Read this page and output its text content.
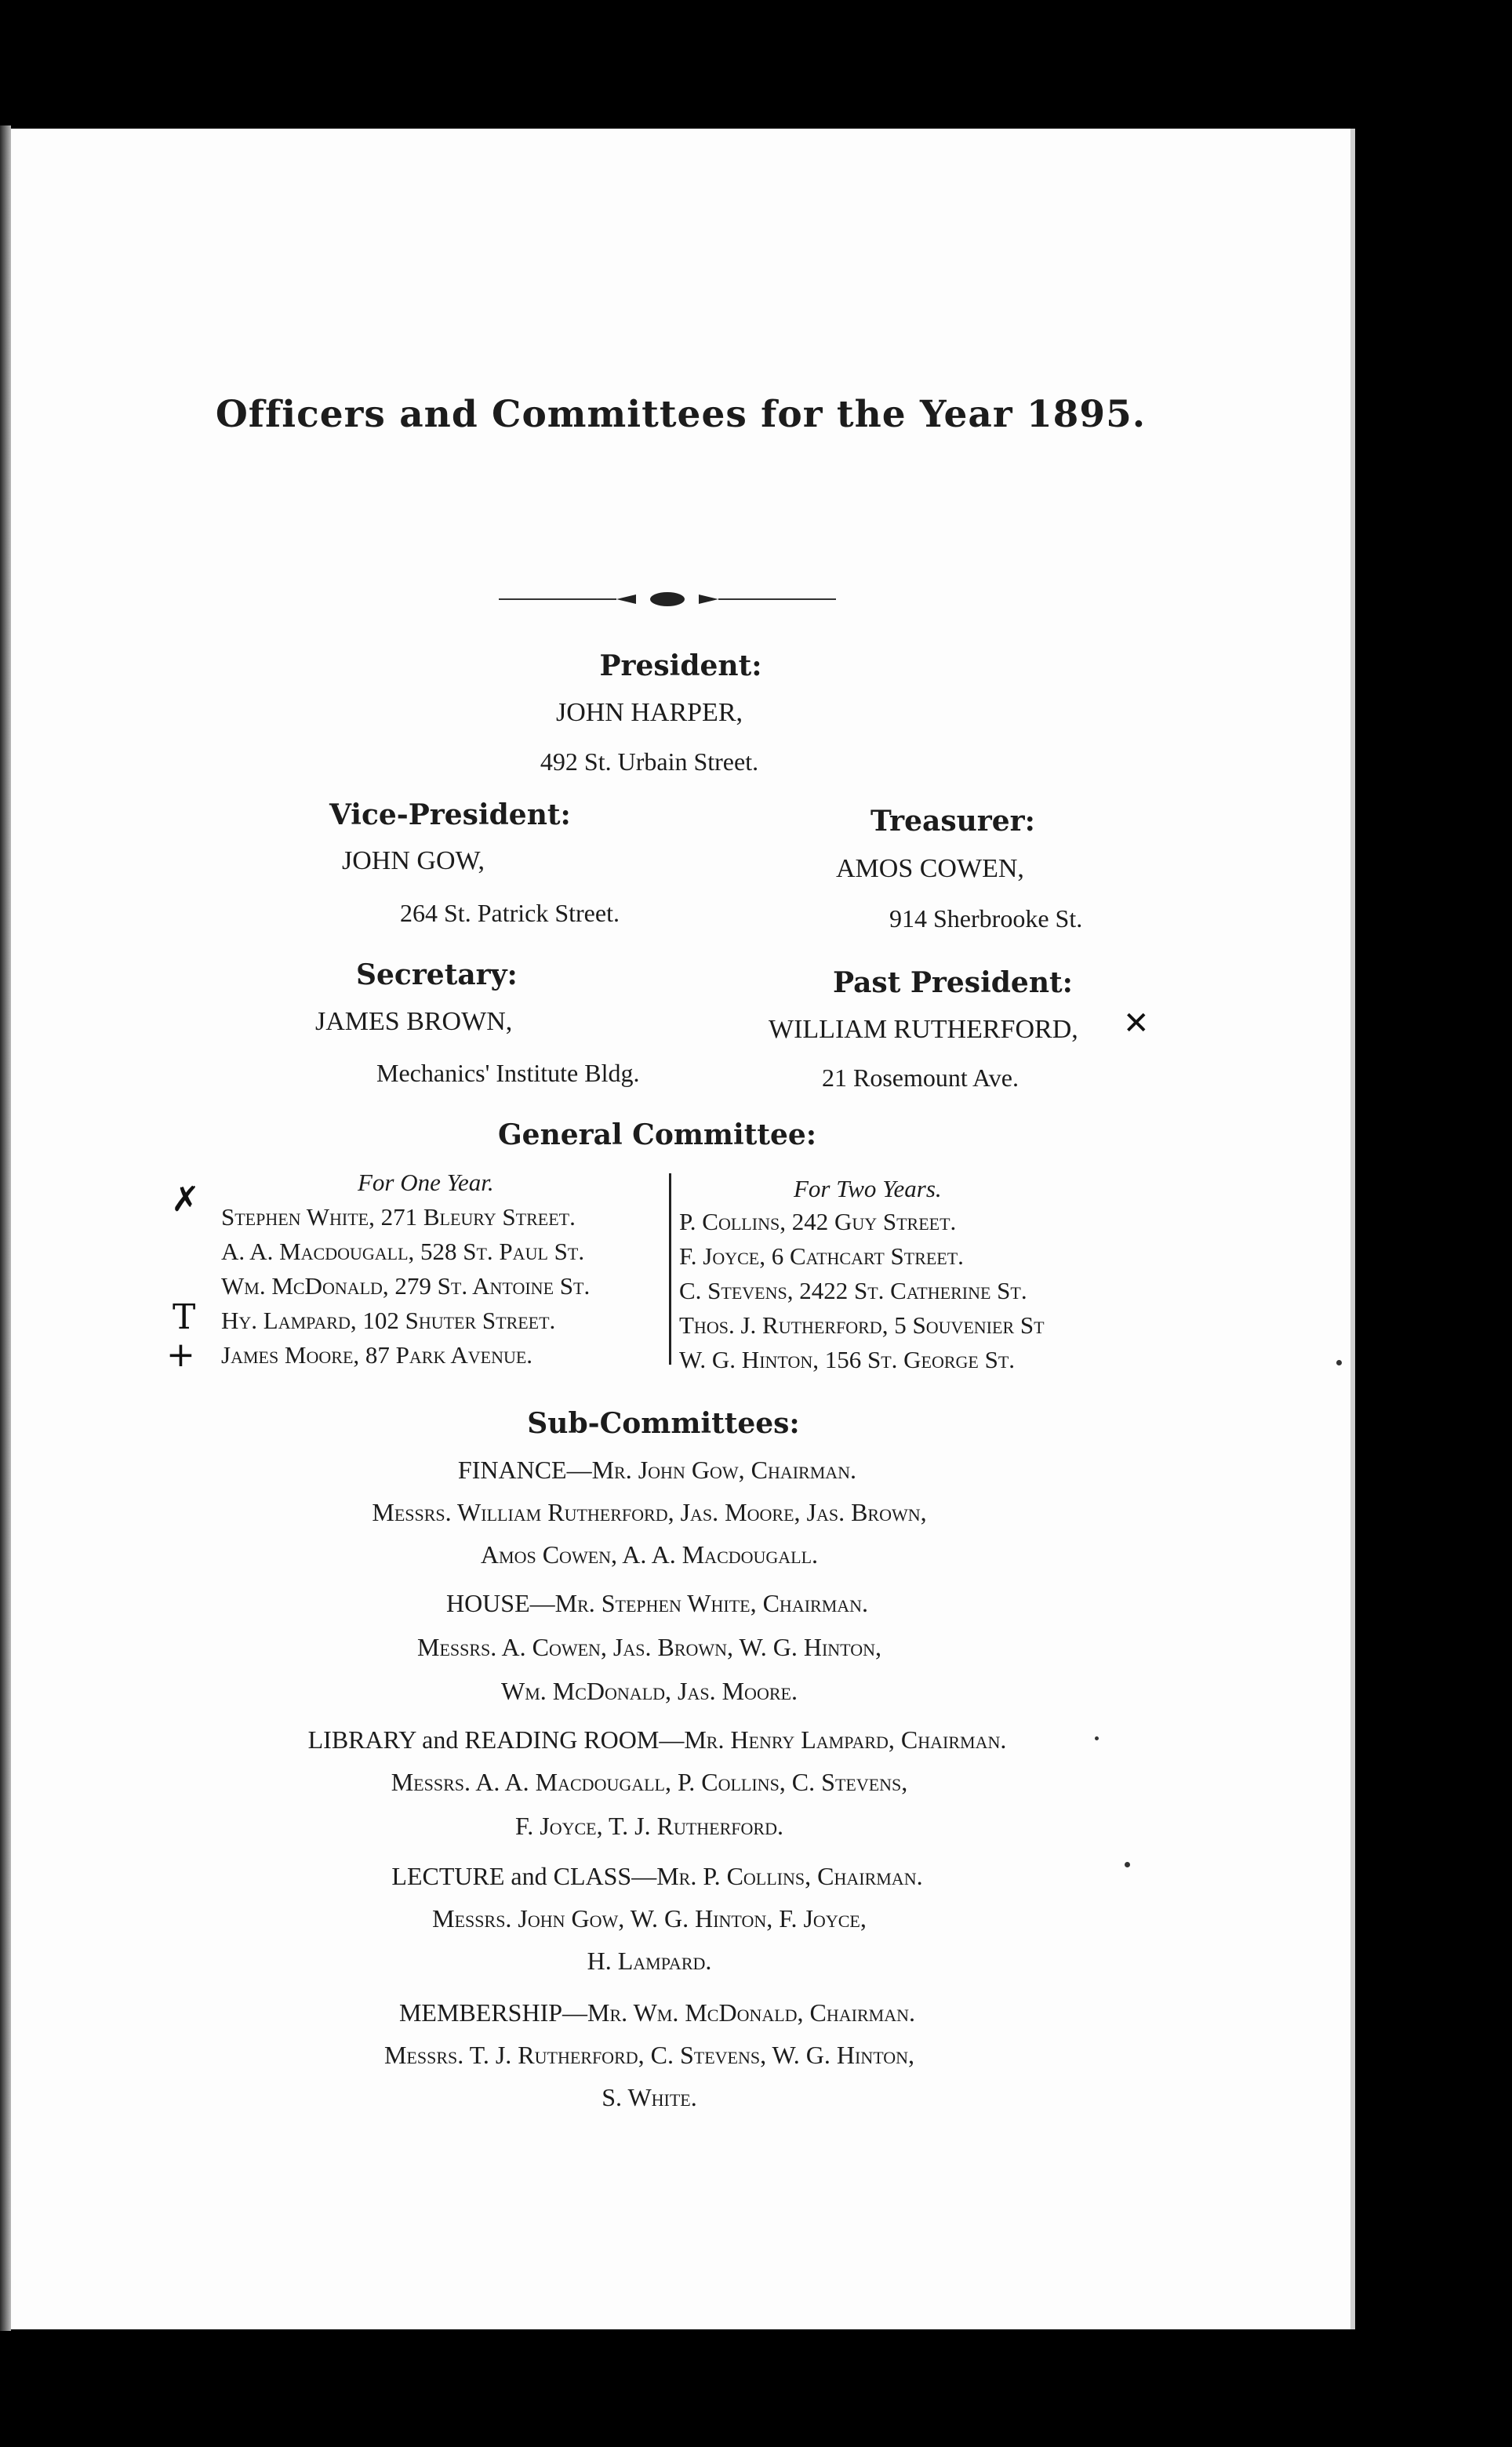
Officers and Committees for the Year 1895.
President:
JOHN HARPER,
492 St. Urbain Street.
Vice-President:
JOHN GOW,
264 St. Patrick Street.
Treasurer:
AMOS COWEN,
914 Sherbrooke St.
Secretary:
JAMES BROWN,
Mechanics' Institute Bldg.
Past President:
WILLIAM RUTHERFORD,
21 Rosemount Ave.
✕
General Committee:
For One Year.	For Two Years.
Stephen White, 271 Bleury Street.
A. A. Macdougall, 528 St. Paul St.
Wm. McDonald, 279 St. Antoine St.
Hy. Lampard, 102 Shuter Street.
James Moore, 87 Park Avenue.
P. Collins, 242 Guy Street.
F. Joyce, 6 Cathcart Street.
C. Stevens, 2422 St. Catherine St.
Thos. J. Rutherford, 5 Souvenier St
W. G. Hinton, 156 St. George St.
✗
T
+
Sub-Committees:
FINANCE—Mr. John Gow, Chairman.
Messrs. William Rutherford, Jas. Moore, Jas. Brown,
Amos Cowen, A. A. Macdougall.
HOUSE—Mr. Stephen White, Chairman.
Messrs. A. Cowen, Jas. Brown, W. G. Hinton,
Wm. McDonald, Jas. Moore.
LIBRARY and READING ROOM—Mr. Henry Lampard, Chairman.
Messrs. A. A. Macdougall, P. Collins, C. Stevens,
F. Joyce, T. J. Rutherford.
LECTURE and CLASS—Mr. P. Collins, Chairman.
Messrs. John Gow, W. G. Hinton, F. Joyce,
H. Lampard.
MEMBERSHIP—Mr. Wm. McDonald, Chairman.
Messrs. T. J. Rutherford, C. Stevens, W. G. Hinton,
S. White.
